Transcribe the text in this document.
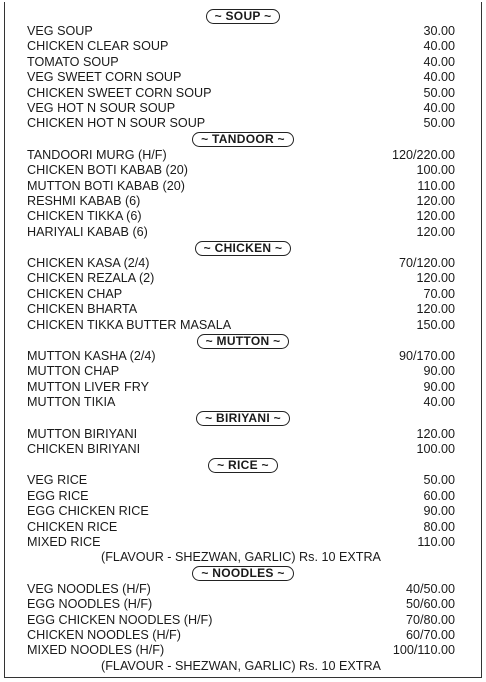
~ SOUP ~
VEG SOUP	30.00
CHICKEN CLEAR SOUP	40.00
TOMATO SOUP	40.00
VEG SWEET CORN SOUP	40.00
CHICKEN SWEET CORN SOUP	50.00
VEG HOT N SOUR SOUP	40.00
CHICKEN HOT N SOUR SOUP	50.00
~ TANDOOR ~
TANDOORI MURG (H/F)	120/220.00
CHICKEN BOTI KABAB (20)	100.00
MUTTON BOTI KABAB (20)	110.00
RESHMI KABAB (6)	120.00
CHICKEN TIKKA (6)	120.00
HARIYALI KABAB (6)	120.00
~ CHICKEN ~
CHICKEN KASA (2/4)	70/120.00
CHICKEN REZALA (2)	120.00
CHICKEN CHAP	70.00
CHICKEN BHARTA	120.00
CHICKEN TIKKA BUTTER MASALA	150.00
~ MUTTON ~
MUTTON KASHA (2/4)	90/170.00
MUTTON CHAP	90.00
MUTTON LIVER FRY	90.00
MUTTON TIKIA	40.00
~ BIRIYANI ~
MUTTON BIRIYANI	120.00
CHICKEN BIRIYANI	100.00
~ RICE ~
VEG RICE	50.00
EGG RICE	60.00
EGG CHICKEN RICE	90.00
CHICKEN RICE	80.00
MIXED RICE	110.00
(FLAVOUR - SHEZWAN, GARLIC) Rs. 10 EXTRA
~ NOODLES ~
VEG NOODLES (H/F)	40/50.00
EGG NOODLES (H/F)	50/60.00
EGG CHICKEN NOODLES (H/F)	70/80.00
CHICKEN NOODLES (H/F)	60/70.00
MIXED NOODLES (H/F)	100/110.00
(FLAVOUR - SHEZWAN, GARLIC) Rs. 10 EXTRA
